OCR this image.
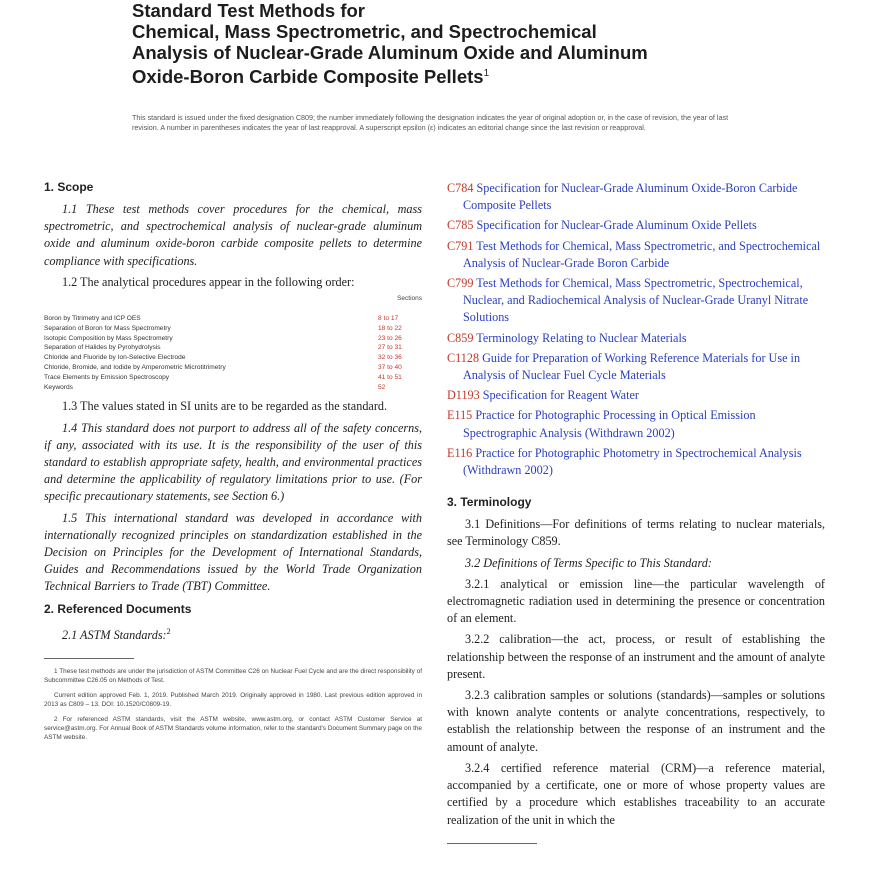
Standard Test Methods for
Chemical, Mass Spectrometric, and Spectrochemical
Analysis of Nuclear-Grade Aluminum Oxide and Aluminum
Oxide-Boron Carbide Composite Pellets$^1$
This standard is issued under the fixed designation C809; the number immediately following the designation indicates the year of original adoption or, in the case of revision, the year of last revision. A number in parentheses indicates the year of last reapproval. A superscript epsilon (ε) indicates an editorial change since the last revision or reapproval.
1. Scope

1.1 These test methods cover procedures for the chemical, mass spectrometric, and spectrochemical analysis of nuclear-grade aluminum oxide and aluminum oxide-boron carbide composite pellets to determine compliance with specifications.

1.2 The analytical procedures appear in the following order:

Sections
Boron by Titrimetry and ICP OES	8 to 17
Separation of Boron for Mass Spectrometry	18 to 22
Isotopic Composition by Mass Spectrometry	23 to 26
Separation of Halides by Pyrohydrolysis	27 to 31
Chloride and Fluoride by Ion-Selective Electrode	32 to 36
Chloride, Bromide, and Iodide by Amperometric Microtitrimetry	37 to 40
Trace Elements by Emission Spectroscopy	41 to 51
Keywords	52

1.3 The values stated in SI units are to be regarded as the standard.

1.4 This standard does not purport to address all of the safety concerns, if any, associated with its use. It is the responsibility of the user of this standard to establish appropriate safety, health, and environmental practices and determine the applicability of regulatory limitations prior to use. (For specific precautionary statements, see Section 6.)

1.5 This international standard was developed in accordance with internationally recognized principles on standardization established in the Decision on Principles for the Development of International Standards, Guides and Recommendations issued by the World Trade Organization Technical Barriers to Trade (TBT) Committee.

2. Referenced Documents

2.1 ASTM Standards:$^2$

1 These test methods are under the jurisdiction of ASTM Committee C26 on Nuclear Fuel Cycle and are the direct responsibility of Subcommittee C26.05 on Methods of Test.

Current edition approved Feb. 1, 2019. Published March 2019. Originally approved in 1980. Last previous edition approved in 2013 as C809 – 13. DOI: 10.1520/C0809-19.

2 For referenced ASTM standards, visit the ASTM website, www.astm.org, or contact ASTM Customer Service at service@astm.org. For Annual Book of ASTM Standards volume information, refer to the standard's Document Summary page on the ASTM website.

C784 Specification for Nuclear-Grade Aluminum Oxide-Boron Carbide Composite Pellets

C785 Specification for Nuclear-Grade Aluminum Oxide Pellets

C791 Test Methods for Chemical, Mass Spectrometric, and Spectrochemical Analysis of Nuclear-Grade Boron Carbide

C799 Test Methods for Chemical, Mass Spectrometric, Spectrochemical, Nuclear, and Radiochemical Analysis of Nuclear-Grade Uranyl Nitrate Solutions

C859 Terminology Relating to Nuclear Materials

C1128 Guide for Preparation of Working Reference Materials for Use in Analysis of Nuclear Fuel Cycle Materials

D1193 Specification for Reagent Water

E115 Practice for Photographic Processing in Optical Emission Spectrographic Analysis (Withdrawn 2002)

E116 Practice for Photographic Photometry in Spectrochemical Analysis (Withdrawn 2002)

3. Terminology

3.1 Definitions—For definitions of terms relating to nuclear materials, see Terminology C859.

3.2 Definitions of Terms Specific to This Standard:

3.2.1 analytical or emission line—the particular wavelength of electromagnetic radiation used in determining the presence or concentration of an element.

3.2.2 calibration—the act, process, or result of establishing the relationship between the response of an instrument and the amount of analyte present.

3.2.3 calibration samples or solutions (standards)—samples or solutions with known analyte contents or analyte concentrations, respectively, to establish the relationship between the response of an instrument and the amount of analyte.

3.2.4 certified reference material (CRM)—a reference material, accompanied by a certificate, one or more of whose property values are certified by a procedure which establishes traceability to an accurate realization of the unit in which the
